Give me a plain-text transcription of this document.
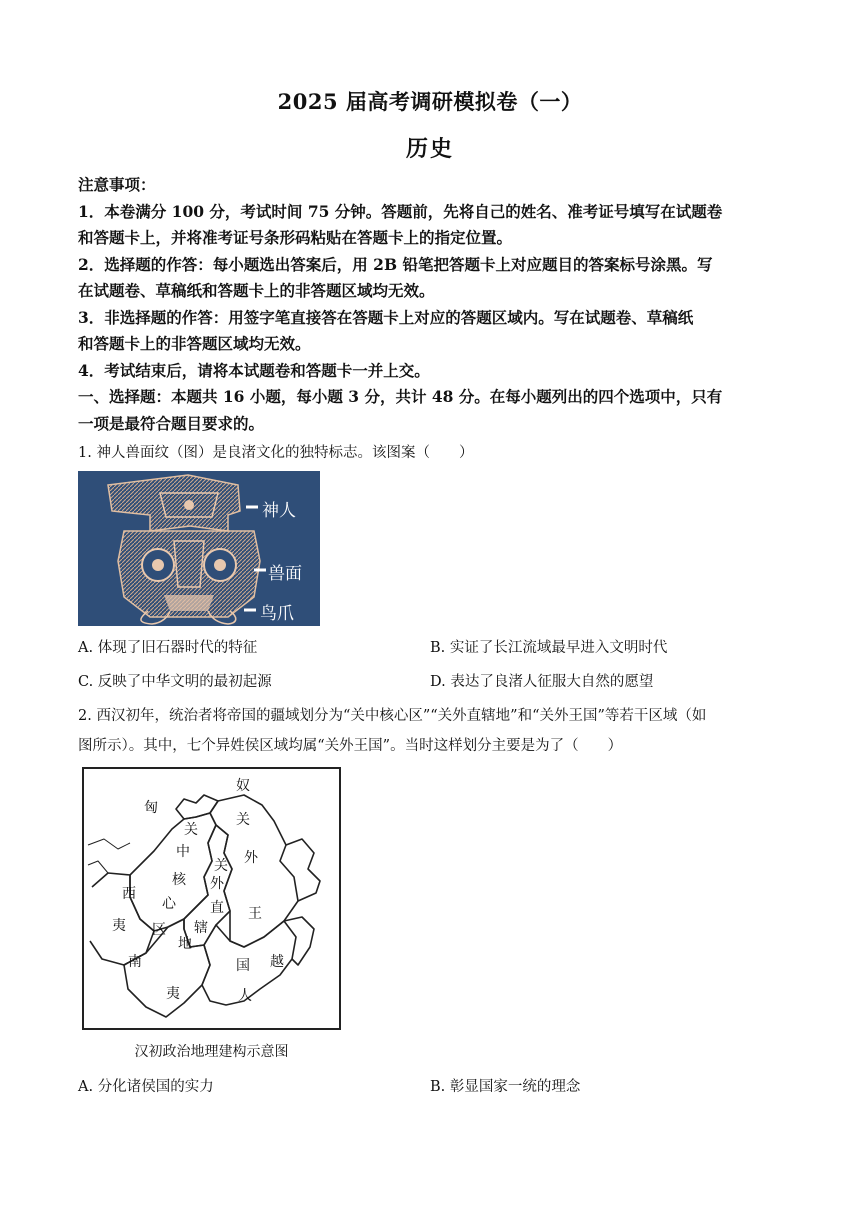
2025 届高考调研模拟卷（一）
历史

注意事项：

1．本卷满分 100 分，考试时间 75 分钟。答题前，先将自己的姓名、准考证号填写在试题卷

和答题卡上，并将准考证号条形码粘贴在答题卡上的指定位置。

2．选择题的作答：每小题选出答案后，用 2B 铅笔把答题卡上对应题目的答案标号涂黑。写

在试题卷、草稿纸和答题卡上的非答题区域均无效。

3．非选择题的作答：用签字笔直接答在答题卡上对应的答题区域内。写在试题卷、草稿纸

和答题卡上的非答题区域均无效。

4．考试结束后，请将本试题卷和答题卡一并上交。

一、选择题：本题共 16 小题，每小题 3 分，共计 48 分。在每小题列出的四个选项中，只有

一项是最符合题目要求的。

1. 神人兽面纹（图）是良渚文化的独特标志。该图案（　　）

神人
兽面
鸟爪
A. 体现了旧石器时代的特征	B. 实证了长江流域最早进入文明时代
C. 反映了中华文明的最初起源	D. 表达了良渚人征服大自然的愿望

2. 西汉初年，统治者将帝国的疆域划分为“关中核心区”“关外直辖地”和“关外王国”等若干区域（如

图所示）。其中，七个异姓侯区域均属“关外王国”。当时这样划分主要是为了（　　）

匈
奴
关
关
中
核
心
区
关
外
外
直
辖
地
王
西
夷
南
夷
国 越
人
汉初政治地理建构示意图
A. 分化诸侯国的实力	B. 彰显国家一统的理念
